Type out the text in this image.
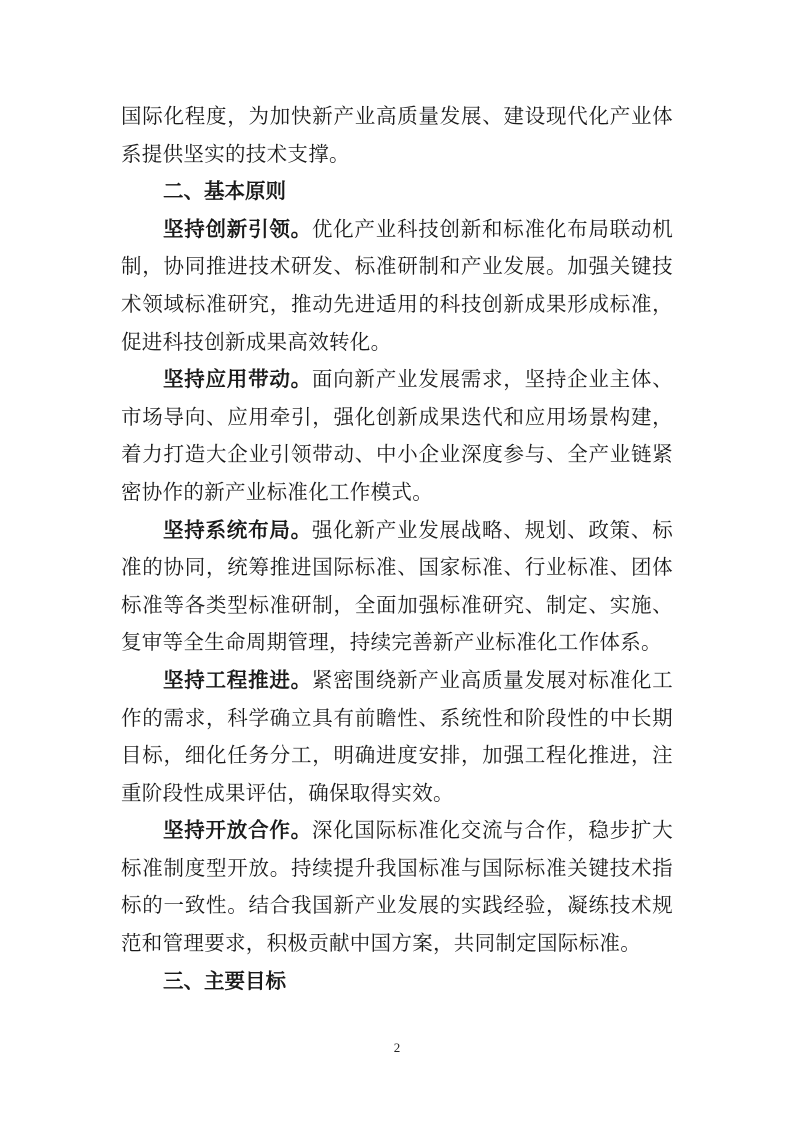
国际化程度，为加快新产业高质量发展、建设现代化产业体
系提供坚实的技术支撑。
二、基本原则
坚持创新引领。优化产业科技创新和标准化布局联动机
制，协同推进技术研发、标准研制和产业发展。加强关键技
术领域标准研究，推动先进适用的科技创新成果形成标准，
促进科技创新成果高效转化。
坚持应用带动。面向新产业发展需求，坚持企业主体、
市场导向、应用牵引，强化创新成果迭代和应用场景构建，
着力打造大企业引领带动、中小企业深度参与、全产业链紧
密协作的新产业标准化工作模式。
坚持系统布局。强化新产业发展战略、规划、政策、标
准的协同，统筹推进国际标准、国家标准、行业标准、团体
标准等各类型标准研制，全面加强标准研究、制定、实施、
复审等全生命周期管理，持续完善新产业标准化工作体系。
坚持工程推进。紧密围绕新产业高质量发展对标准化工
作的需求，科学确立具有前瞻性、系统性和阶段性的中长期
目标，细化任务分工，明确进度安排，加强工程化推进，注
重阶段性成果评估，确保取得实效。
坚持开放合作。深化国际标准化交流与合作，稳步扩大
标准制度型开放。持续提升我国标准与国际标准关键技术指
标的一致性。结合我国新产业发展的实践经验，凝练技术规
范和管理要求，积极贡献中国方案，共同制定国际标准。
三、主要目标
2
